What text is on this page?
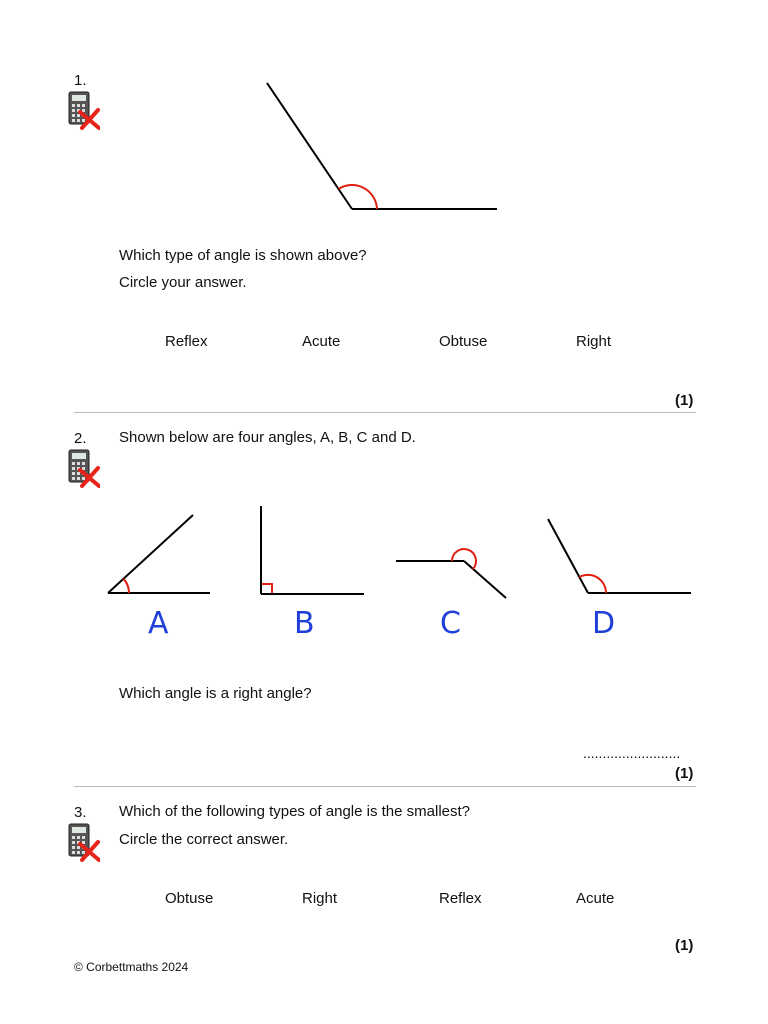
1.
Which type of angle is shown above?
Circle your answer.
Reflex	Acute	Obtuse	Right
(1)
2. Shown below are four angles, A, B, C and D.
A	B	C	D
Which angle is a right angle?
.........................
(1)
3. Which of the following types of angle is the smallest?
Circle the correct answer.
Obtuse	Right	Reflex	Acute
(1)
© Corbettmaths 2024
